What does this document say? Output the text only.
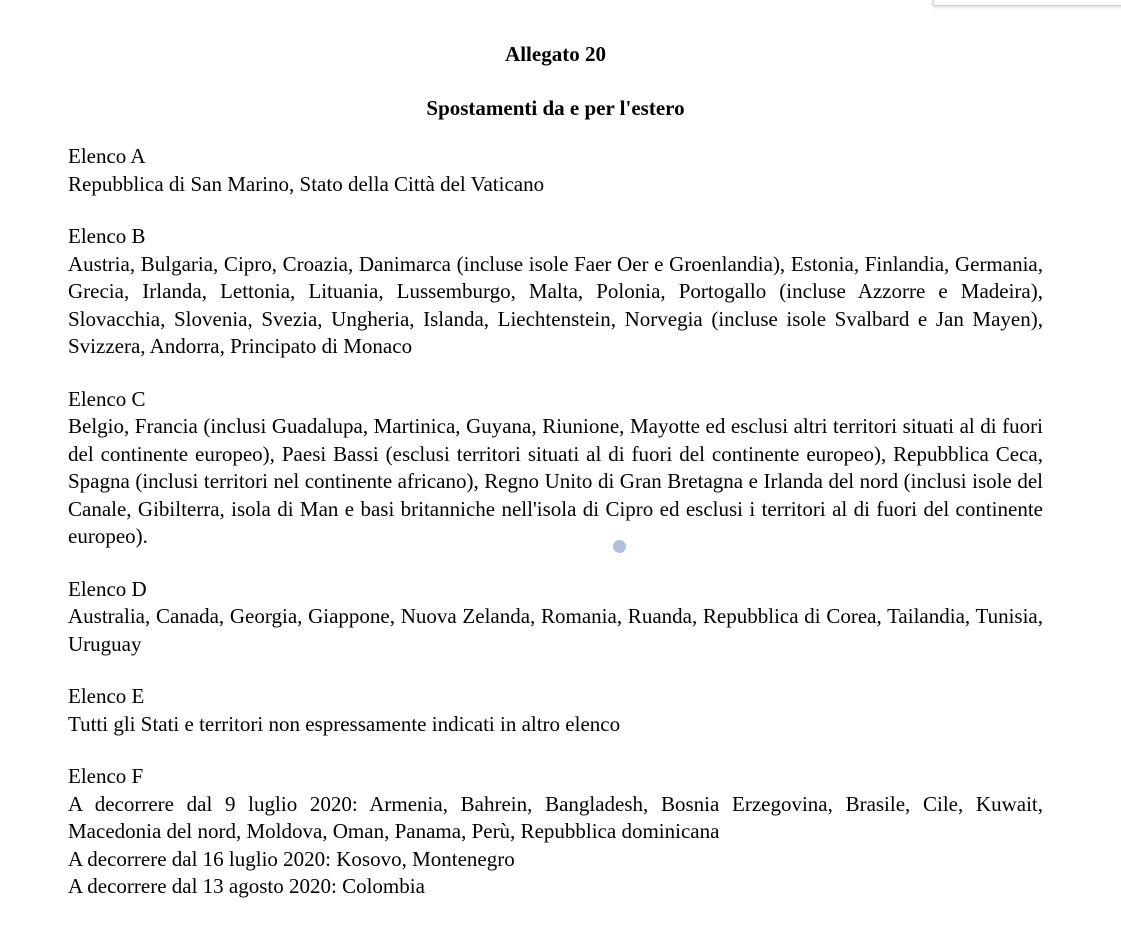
Allegato 20
Spostamenti da e per l'estero
Elenco A
Repubblica di San Marino, Stato della Città del Vaticano
Elenco B
Austria, Bulgaria, Cipro, Croazia, Danimarca (incluse isole Faer Oer e Groenlandia), Estonia, Finlandia, Germania, Grecia, Irlanda, Lettonia, Lituania, Lussemburgo, Malta, Polonia, Portogallo (incluse Azzorre e Madeira), Slovacchia, Slovenia, Svezia, Ungheria, Islanda, Liechtenstein, Norvegia (incluse isole Svalbard e Jan Mayen), Svizzera, Andorra, Principato di Monaco
Elenco C
Belgio, Francia (inclusi Guadalupa, Martinica, Guyana, Riunione, Mayotte ed esclusi altri territori situati al di fuori del continente europeo), Paesi Bassi (esclusi territori situati al di fuori del continente europeo), Repubblica Ceca, Spagna (inclusi territori nel continente africano), Regno Unito di Gran Bretagna e Irlanda del nord (inclusi isole del Canale, Gibilterra, isola di Man e basi britanniche nell'isola di Cipro ed esclusi i territori al di fuori del continente europeo).
Elenco D
Australia, Canada, Georgia, Giappone, Nuova Zelanda, Romania, Ruanda, Repubblica di Corea, Tailandia, Tunisia, Uruguay
Elenco E
Tutti gli Stati e territori non espressamente indicati in altro elenco
Elenco F
A decorrere dal 9 luglio 2020: Armenia, Bahrein, Bangladesh, Bosnia Erzegovina, Brasile, Cile, Kuwait, Macedonia del nord, Moldova, Oman, Panama, Perù, Repubblica dominicana
A decorrere dal 16 luglio 2020: Kosovo, Montenegro
A decorrere dal 13 agosto 2020: Colombia
